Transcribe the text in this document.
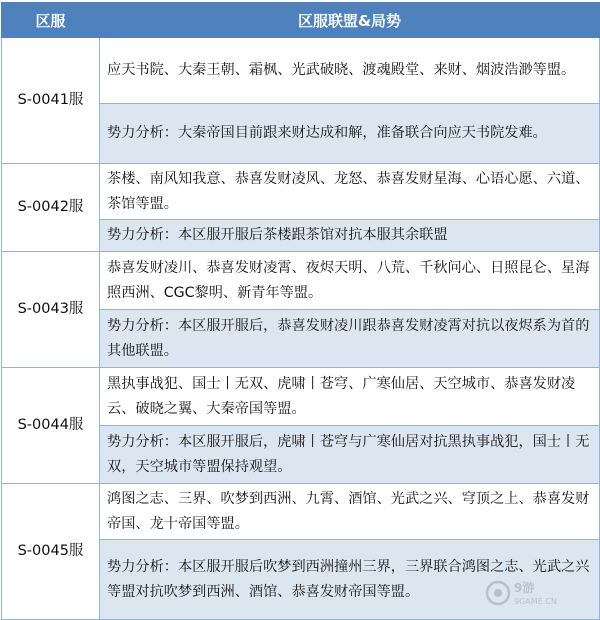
区服	区服联盟&局势
S-0041服	应天书院、大秦王朝、霜枫、光武破晓、渡魂殿堂、来财、烟波浩渺等盟。
	势力分析：大秦帝国目前跟来财达成和解，准备联合向应天书院发难。
S-0042服	茶楼、南风知我意、恭喜发财凌风、龙怒、恭喜发财星海、心语心愿、六道、茶馆等盟。
	势力分析：本区服开服后茶楼跟茶馆对抗本服其余联盟
S-0043服	恭喜发财凌川、恭喜发财凌霄、夜烬天明、八荒、千秋问心、日照昆仑、星海照西洲、CGC黎明、新青年等盟。
	势力分析：本区服开服后，恭喜发财凌川跟恭喜发财凌霄对抗以夜烬系为首的其他联盟。
S-0044服	黑执事战犯、国士丨无双、虎啸丨苍穹、广寒仙居、天空城市、恭喜发财凌云、破晓之翼、大秦帝国等盟。
	势力分析：本区服开服后，虎啸丨苍穹与广寒仙居对抗黑执事战犯，国士丨无双，天空城市等盟保持观望。
S-0045服	鸿图之志、三界、吹梦到西洲、九霄、酒馆、光武之兴、穹顶之上、恭喜发财帝国、龙十帝国等盟。
	势力分析：本区服开服后吹梦到西洲撞州三界，三界联合鸿图之志、光武之兴等盟对抗吹梦到西洲、酒馆、恭喜发财帝国等盟。	9游
9GAME.CN
